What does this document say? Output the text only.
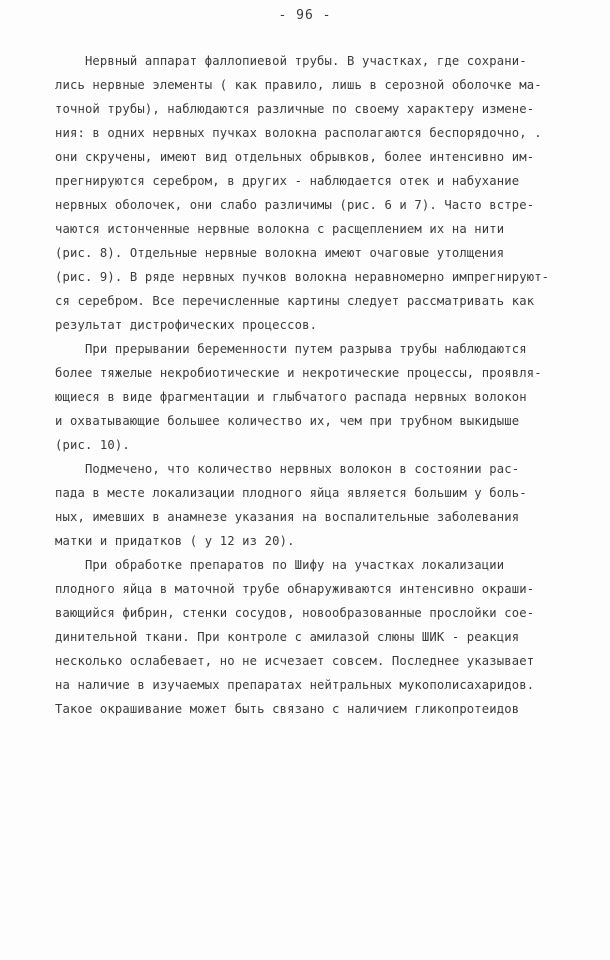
- 96 -
Нервный аппарат фаллопиевой трубы. В участках, где сохрани-
лись нервные элементы ( как правило, лишь в серозной оболочке ма-
точной трубы), наблюдаются различные по своему характеру измене-
ния: в одних нервных пучках волокна располагаются беспорядочно, .
они скручены, имеют вид отдельных обрывков, более интенсивно им-
прегнируются серебром, в других - наблюдается отек и набухание
нервных оболочек, они слабо различимы (рис. 6 и 7). Часто встре-
чаются истонченные нервные волокна с расщеплением их на нити
(рис. 8). Отдельные нервные волокна имеют очаговые утолщения
(рис. 9). В ряде нервных пучков волокна неравномерно импрегнируют-
ся серебром. Все перечисленные картины следует рассматривать как
результат дистрофических процессов.
При прерывании беременности путем разрыва трубы наблюдаются
более тяжелые некробиотические и некротические процессы, проявля-
ющиеся в виде фрагментации и глыбчатого распада нервных волокон
и охватывающие большее количество их, чем при трубном выкидыше
(рис. 10).
Подмечено, что количество нервных волокон в состоянии рас-
пада в месте локализации плодного яйца является большим у боль-
ных, имевших в анамнезе указания на воспалительные заболевания
матки и придатков ( у 12 из 20).
При обработке препаратов по Шифу на участках локализации
плодного яйца в маточной трубе обнаруживаются интенсивно окраши-
вающийся фибрин, стенки сосудов, новообразованные прослойки сое-
динительной ткани. При контроле с амилазой слюны ШИК - реакция
несколько ослабевает, но не исчезает совсем. Последнее указывает
на наличие в изучаемых препаратах нейтральных мукополисахаридов.
Такое окрашивание может быть связано с наличием гликопротеидов
